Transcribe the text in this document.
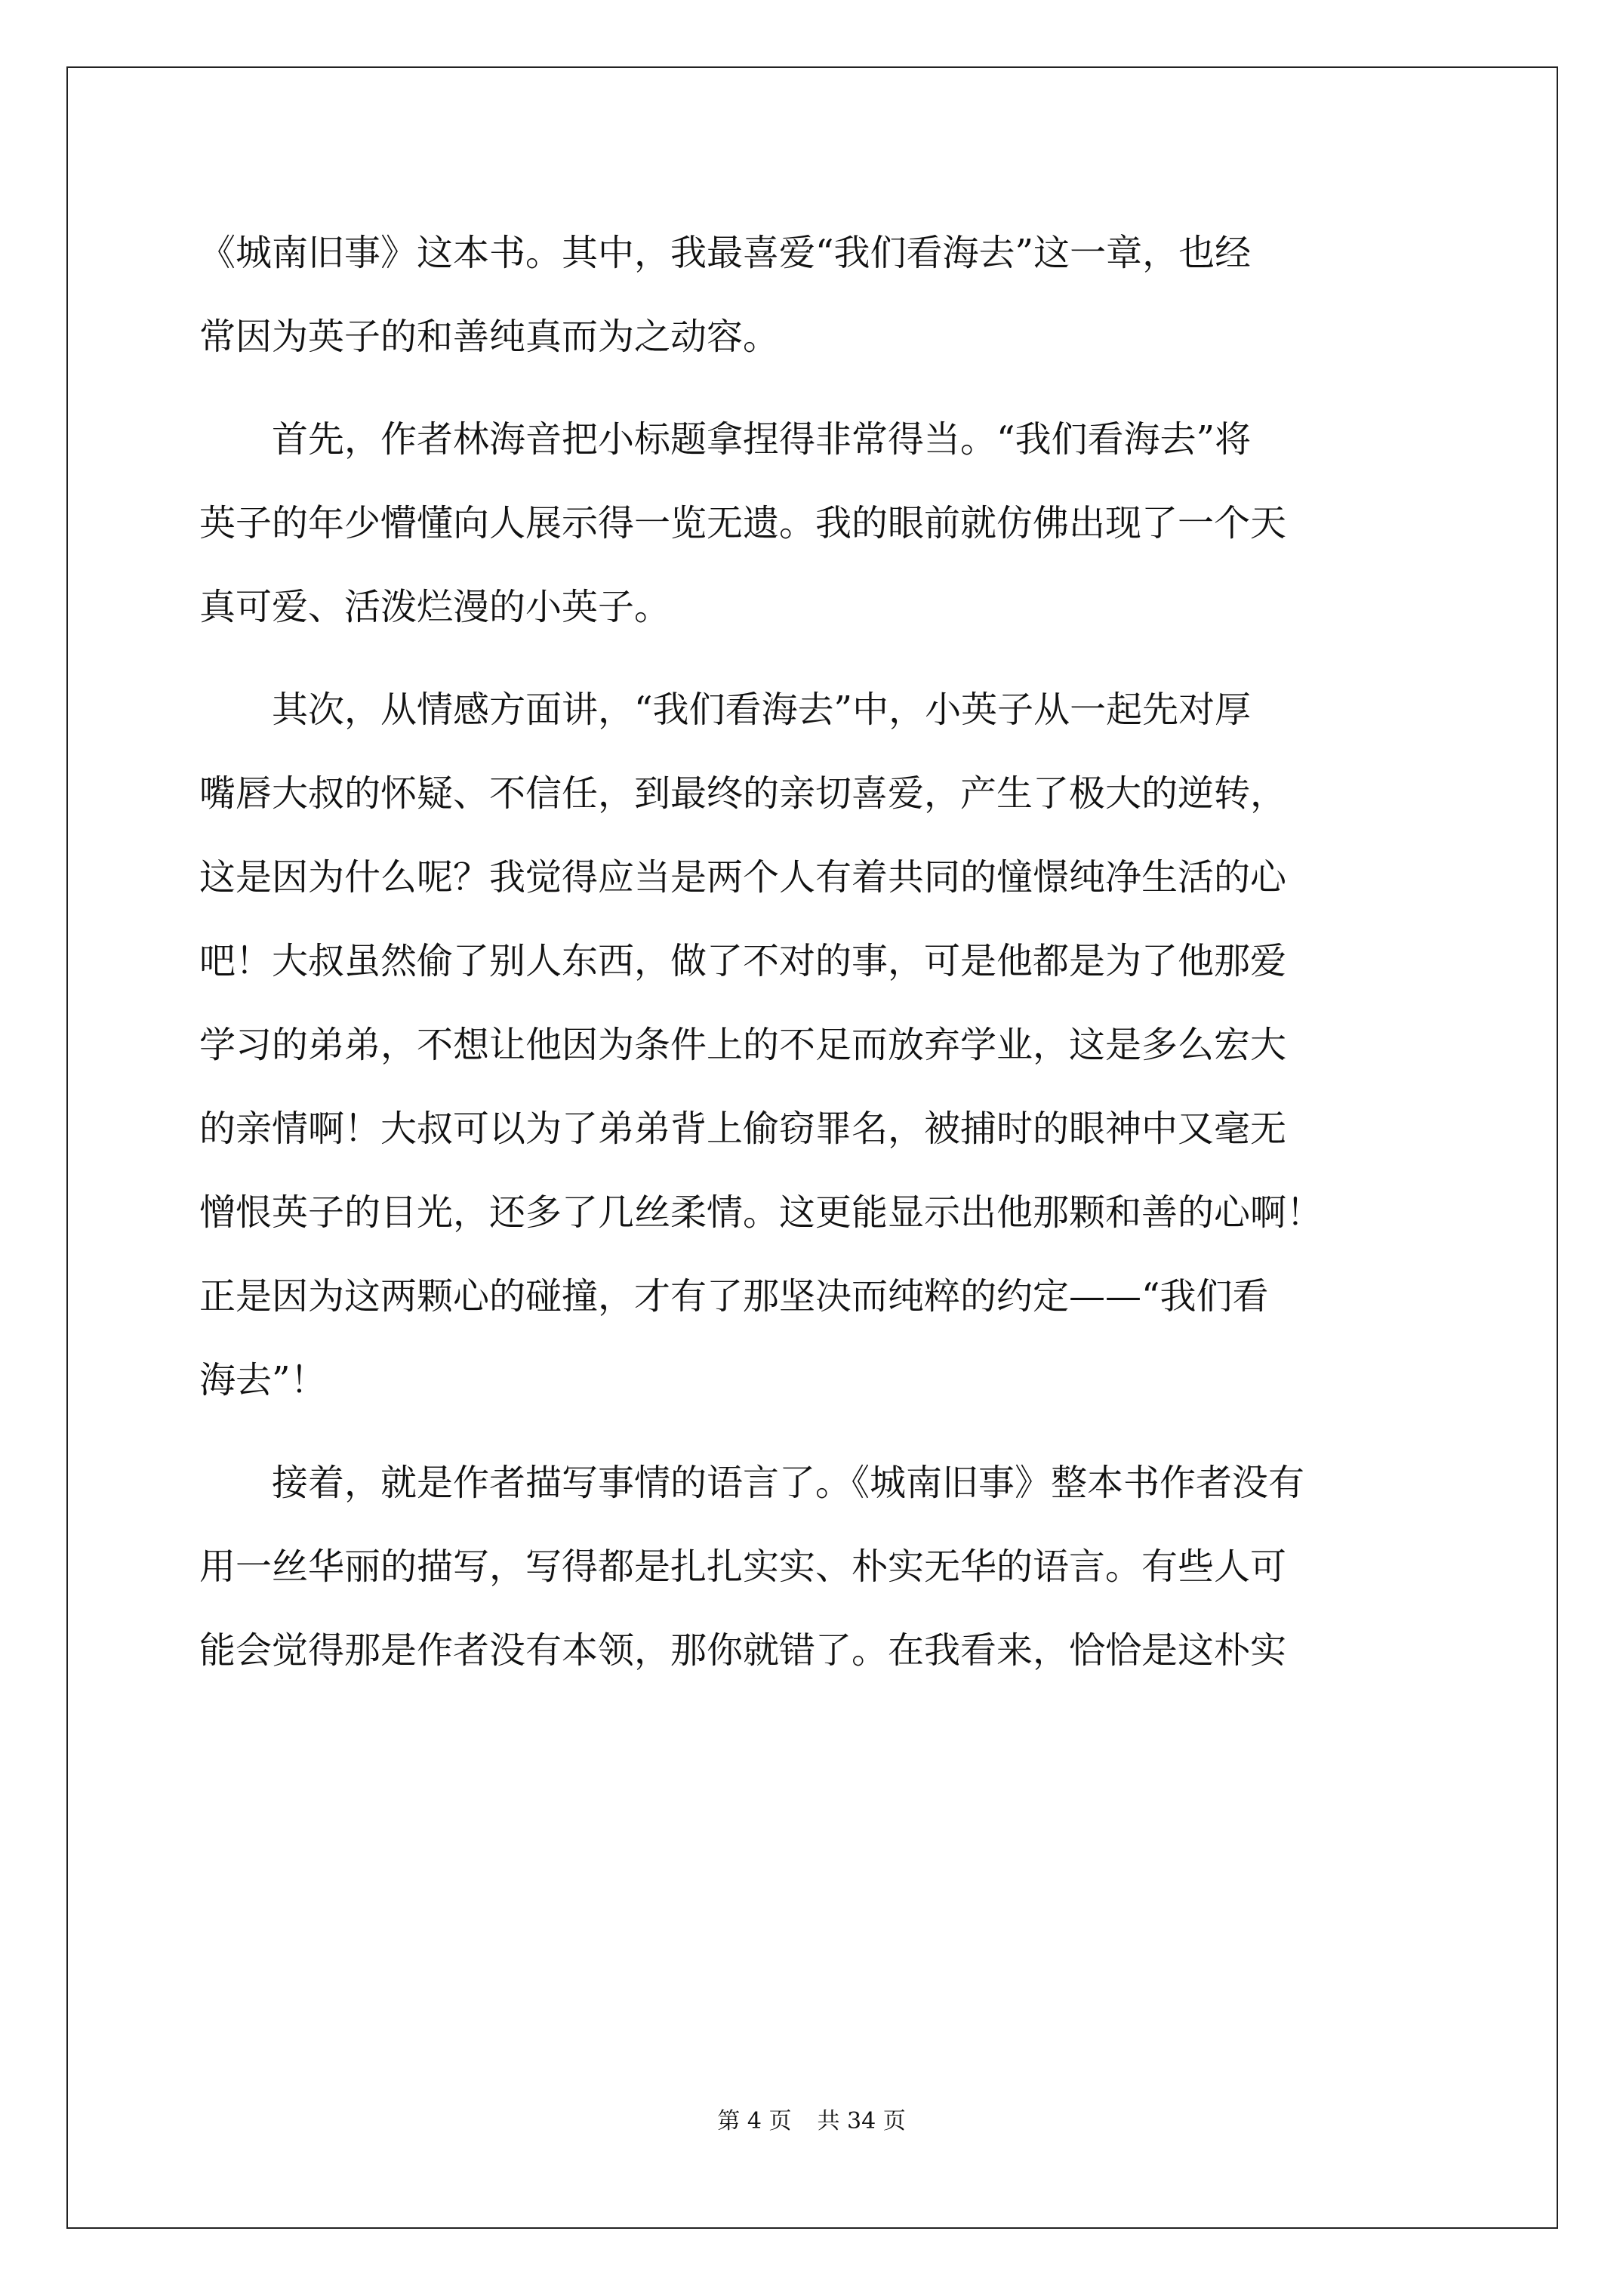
《城南旧事》这本书。其中，我最喜爱“我们看海去”这一章，也经
常因为英子的和善纯真而为之动容。
首先，作者林海音把小标题拿捏得非常得当。“我们看海去”将
英子的年少懵懂向人展示得一览无遗。我的眼前就仿佛出现了一个天
真可爱、活泼烂漫的小英子。
其次，从情感方面讲，“我们看海去”中，小英子从一起先对厚
嘴唇大叔的怀疑、不信任，到最终的亲切喜爱，产生了极大的逆转，
这是因为什么呢？我觉得应当是两个人有着共同的憧憬纯净生活的心
吧！大叔虽然偷了别人东西，做了不对的事，可是他都是为了他那爱
学习的弟弟，不想让他因为条件上的不足而放弃学业，这是多么宏大
的亲情啊！大叔可以为了弟弟背上偷窃罪名，被捕时的眼神中又毫无
憎恨英子的目光，还多了几丝柔情。这更能显示出他那颗和善的心啊！
正是因为这两颗心的碰撞，才有了那坚决而纯粹的约定——“我们看
海去”！
接着，就是作者描写事情的语言了。《城南旧事》整本书作者没有
用一丝华丽的描写，写得都是扎扎实实、朴实无华的语言。有些人可
能会觉得那是作者没有本领，那你就错了。在我看来，恰恰是这朴实
第 4 页 共 34 页
